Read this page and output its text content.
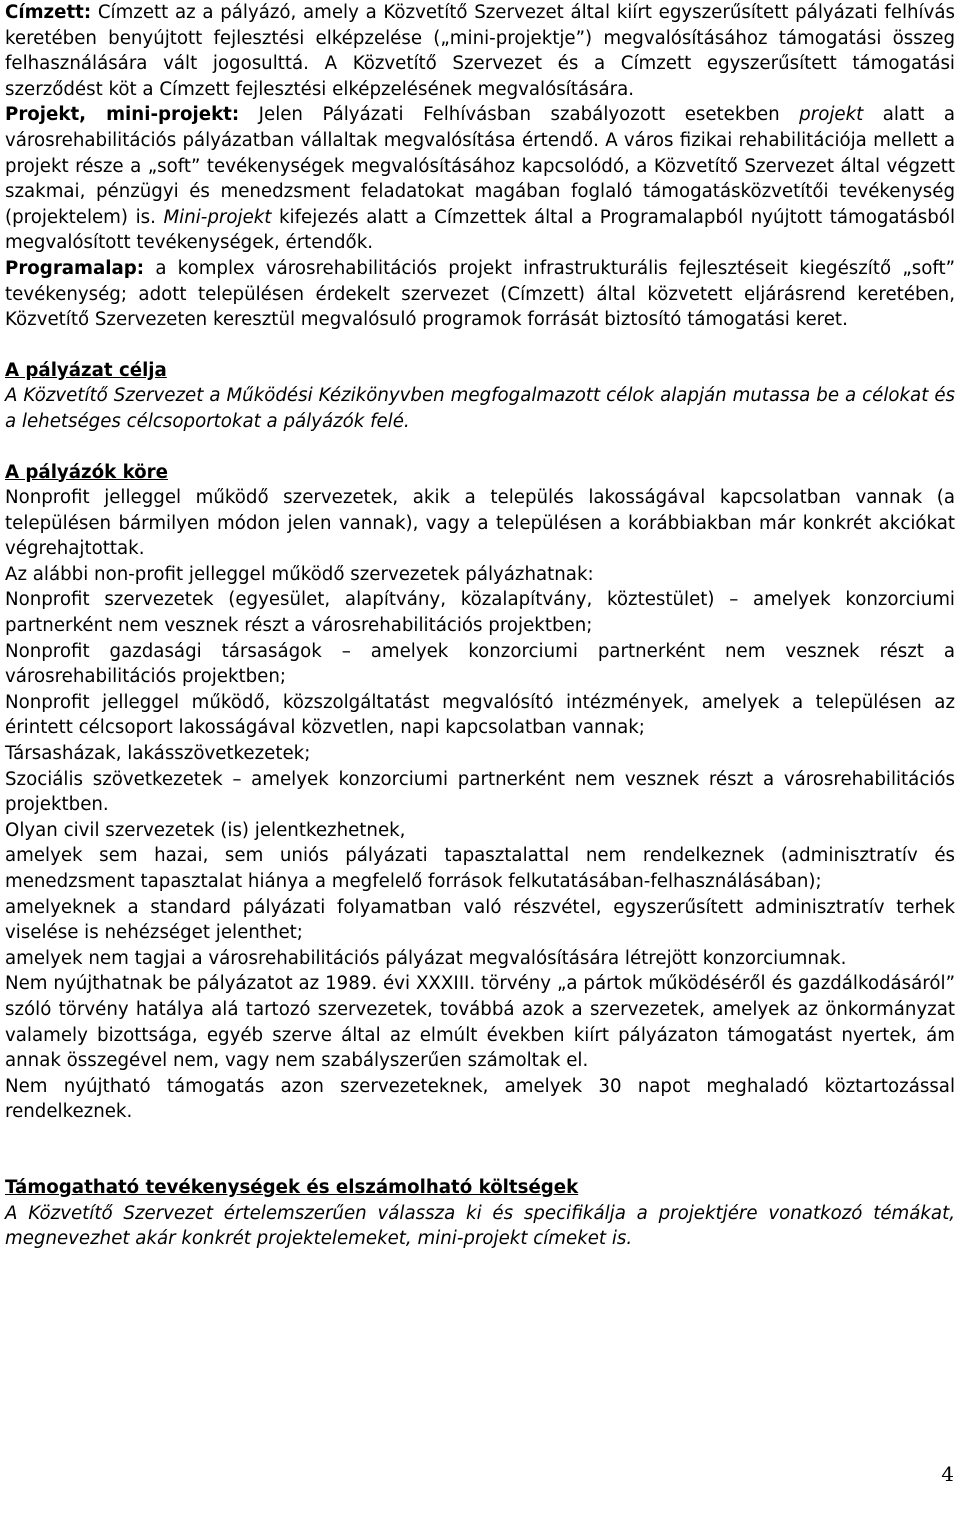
Címzett: Címzett az a pályázó, amely a Közvetítő Szervezet által kiírt egyszerűsített pályázati felhívás keretében benyújtott fejlesztési elképzelése („mini-projektje”) megvalósításához támogatási összeg felhasználására vált jogosulttá. A Közvetítő Szervezet és a Címzett egyszerűsített támogatási szerződést köt a Címzett fejlesztési elképzelésének megvalósítására.

Projekt, mini-projekt: Jelen Pályázati Felhívásban szabályozott esetekben projekt alatt a városrehabilitációs pályázatban vállaltak megvalósítása értendő. A város fizikai rehabilitációja mellett a projekt része a „soft” tevékenységek megvalósításához kapcsolódó, a Közvetítő Szervezet által végzett szakmai, pénzügyi és menedzsment feladatokat magában foglaló támogatásközvetítői tevékenység (projektelem) is. Mini-projekt kifejezés alatt a Címzettek által a Programalapból nyújtott támogatásból megvalósított tevékenységek, értendők.

Programalap: a komplex városrehabilitációs projekt infrastrukturális fejlesztéseit kiegészítő „soft” tevékenység; adott településen érdekelt szervezet (Címzett) által közvetett eljárásrend keretében, Közvetítő Szervezeten keresztül megvalósuló programok forrását biztosító támogatási keret.

A pályázat célja

A Közvetítő Szervezet a Működési Kézikönyvben megfogalmazott célok alapján mutassa be a célokat és a lehetséges célcsoportokat a pályázók felé.

A pályázók köre

Nonprofit jelleggel működő szervezetek, akik a település lakosságával kapcsolatban vannak (a településen bármilyen módon jelen vannak), vagy a településen a korábbiakban már konkrét akciókat végrehajtottak.

Az alábbi non-profit jelleggel működő szervezetek pályázhatnak:

Nonprofit szervezetek (egyesület, alapítvány, közalapítvány, köztestület) – amelyek konzorciumi partnerként nem vesznek részt a városrehabilitációs projektben;

Nonprofit gazdasági társaságok – amelyek konzorciumi partnerként nem vesznek részt a városrehabilitációs projektben;

Nonprofit jelleggel működő, közszolgáltatást megvalósító intézmények, amelyek a településen az érintett célcsoport lakosságával közvetlen, napi kapcsolatban vannak;

Társasházak, lakásszövetkezetek;

Szociális szövetkezetek – amelyek konzorciumi partnerként nem vesznek részt a városrehabilitációs projektben.

Olyan civil szervezetek (is) jelentkezhetnek,

amelyek sem hazai, sem uniós pályázati tapasztalattal nem rendelkeznek (adminisztratív és menedzsment tapasztalat hiánya a megfelelő források felkutatásában-felhasználásában);

amelyeknek a standard pályázati folyamatban való részvétel, egyszerűsített adminisztratív terhek viselése is nehézséget jelenthet;

amelyek nem tagjai a városrehabilitációs pályázat megvalósítására létrejött konzorciumnak.

Nem nyújthatnak be pályázatot az 1989. évi XXXIII. törvény „a pártok működéséről és gazdálkodásáról” szóló törvény hatálya alá tartozó szervezetek, továbbá azok a szervezetek, amelyek az önkormányzat valamely bizottsága, egyéb szerve által az elmúlt években kiírt pályázaton támogatást nyertek, ám annak összegével nem, vagy nem szabályszerűen számoltak el.

Nem nyújtható támogatás azon szervezeteknek, amelyek 30 napot meghaladó köztartozással rendelkeznek.

Támogatható tevékenységek és elszámolható költségek

A Közvetítő Szervezet értelemszerűen válassza ki és specifikálja a projektjére vonatkozó témákat, megnevezhet akár konkrét projektelemeket, mini-projekt címeket is.

4
